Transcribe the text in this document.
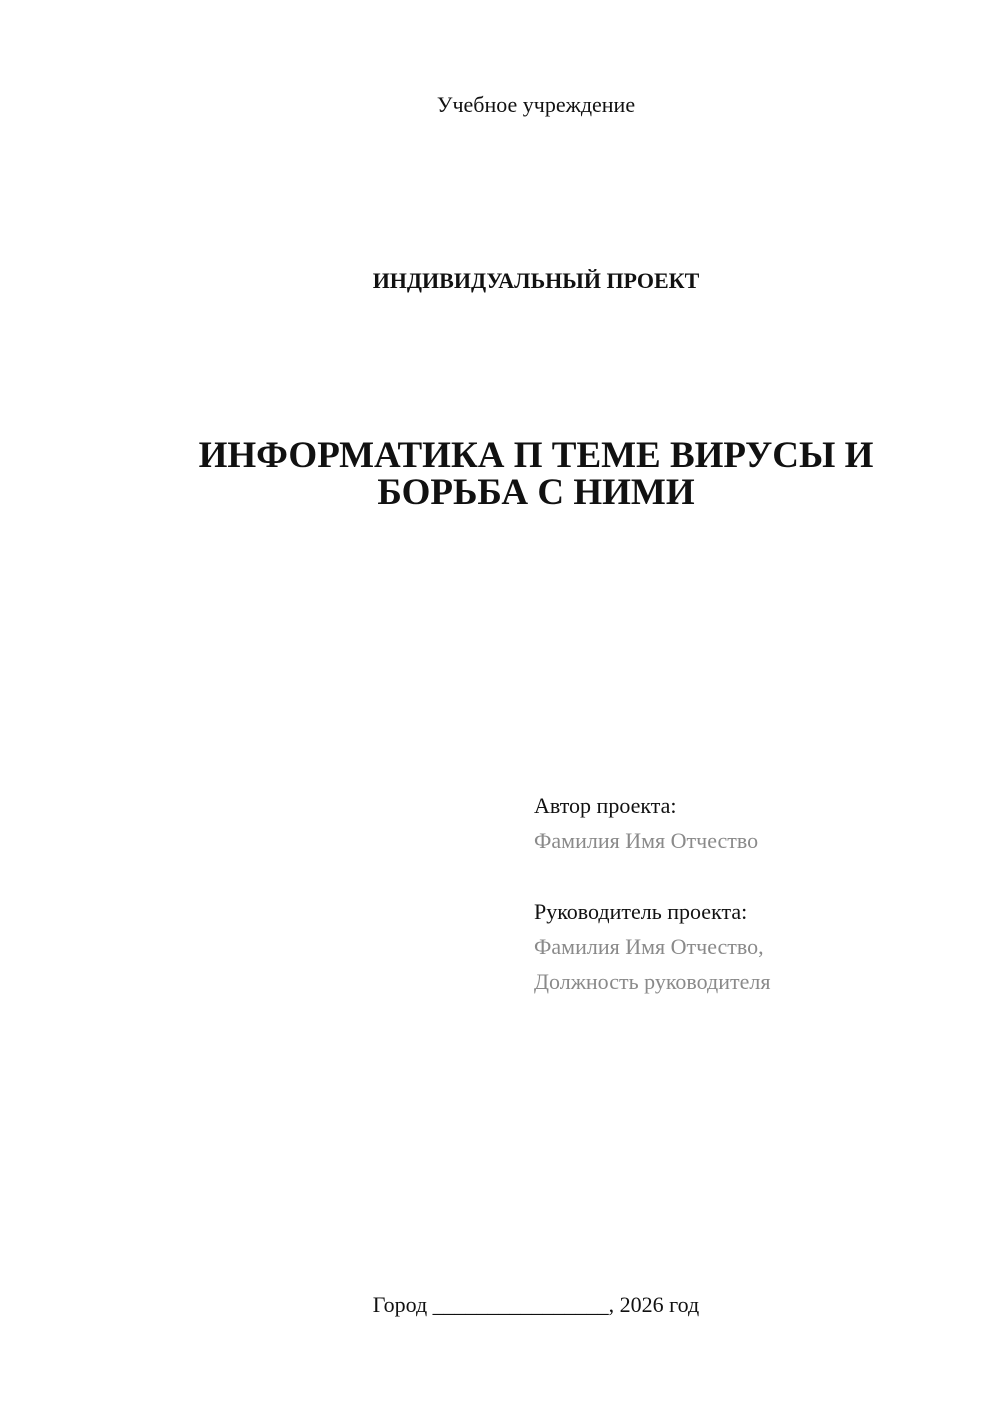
Учебное учреждение
ИНДИВИДУАЛЬНЫЙ ПРОЕКТ
ИНФОРМАТИКА П ТЕМЕ ВИРУСЫ И
БОРЬБА С НИМИ
Автор проекта:
Фамилия Имя Отчество
Руководитель проекта:
Фамилия Имя Отчество,
Должность руководителя
Город ________________, 2026 год
